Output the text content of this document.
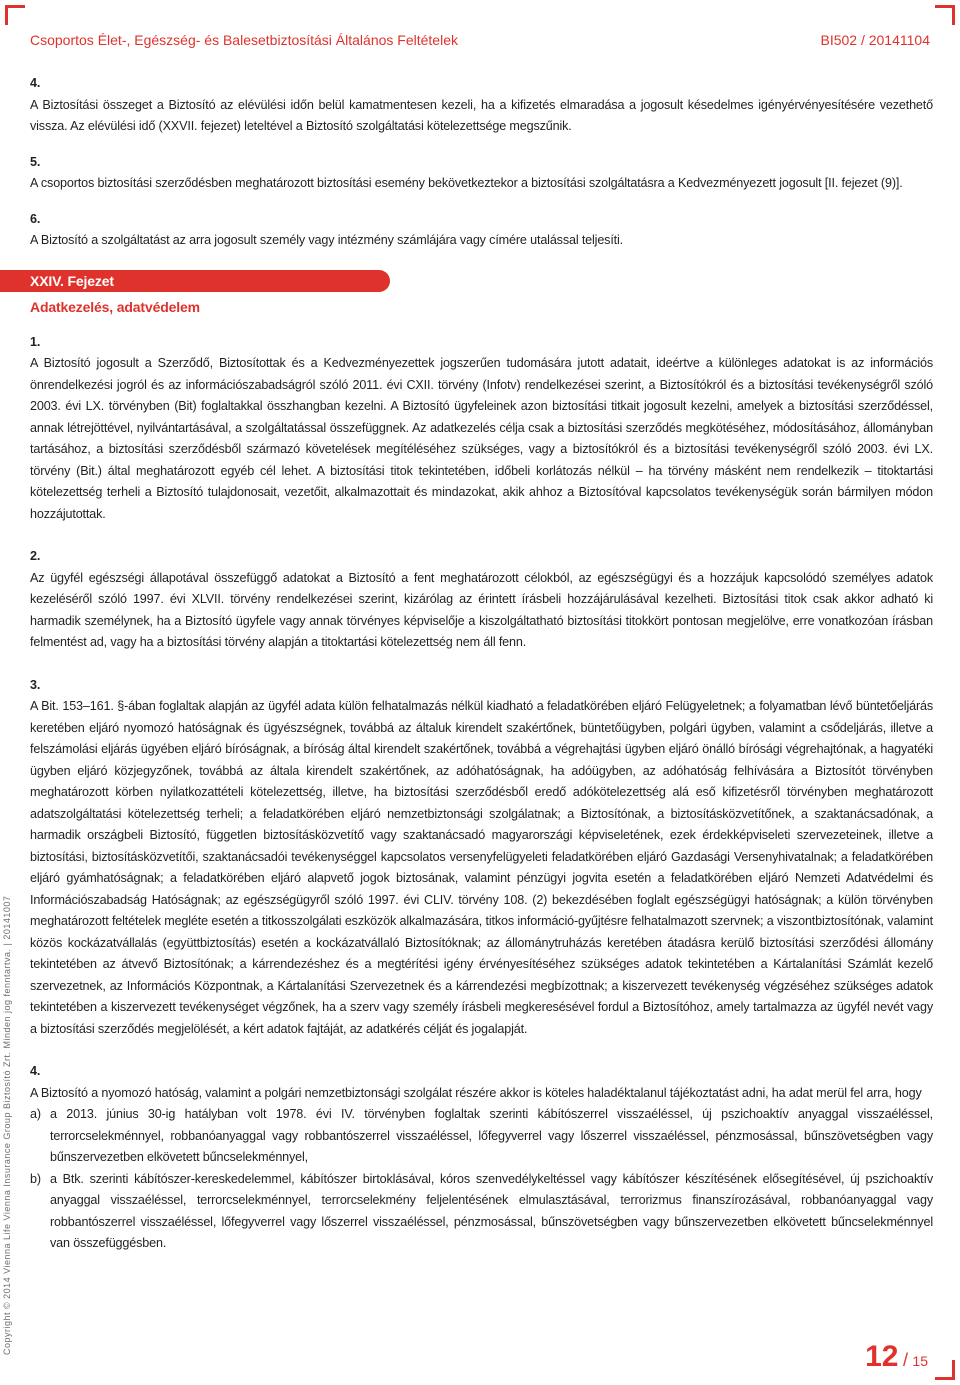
Csoportos Élet-, Egészség- és Balesetbiztosítási Általános Feltételek	BI502 / 20141104

4.

A Biztosítási összeget a Biztosító az elévülési időn belül kamatmentesen kezeli, ha a kifizetés elmaradása a jogosult késedelmes igényérvényesítésére vezethető vissza. Az elévülési idő (XXVII. fejezet) leteltével a Biztosító szolgáltatási kötelezettsége megszűnik.

5.

A csoportos biztosítási szerződésben meghatározott biztosítási esemény bekövetkeztekor a biztosítási szolgáltatásra a Kedvezményezett jogosult [II. fejezet (9)].

6.

A Biztosító a szolgáltatást az arra jogosult személy vagy intézmény számlájára vagy címére utalással teljesíti.

XXIV. Fejezet
Adatkezelés, adatvédelem

1.

A Biztosító jogosult a Szerződő, Biztosítottak és a Kedvezményezettek jogszerűen tudomására jutott adatait, ideértve a különleges adatokat is az információs önrendelkezési jogról és az információszabadságról szóló 2011. évi CXII. törvény (Infotv) rendelkezései szerint, a Biztosítókról és a biztosítási tevékenységről szóló 2003. évi LX. törvényben (Bit) foglaltakkal összhangban kezelni. A Biztosító ügyfeleinek azon biztosítási titkait jogosult kezelni, amelyek a biztosítási szerződéssel, annak létrejöttével, nyilvántartásával, a szolgáltatással összefüggnek. Az adatkezelés célja csak a biztosítási szerződés megkötéséhez, módosításához, állományban tartásához, a biztosítási szerződésből származó követelések megítéléséhez szükséges, vagy a biztosítókról és a biztosítási tevékenységről szóló 2003. évi LX. törvény (Bit.) által meghatározott egyéb cél lehet. A biztosítási titok tekintetében, időbeli korlátozás nélkül – ha törvény másként nem rendelkezik – titoktartási kötelezettség terheli a Biztosító tulajdonosait, vezetőit, alkalmazottait és mindazokat, akik ahhoz a Biztosítóval kapcsolatos tevékenységük során bármilyen módon hozzájutottak.

2.

Az ügyfél egészségi állapotával összefüggő adatokat a Biztosító a fent meghatározott célokból, az egészségügyi és a hozzájuk kapcsolódó személyes adatok kezeléséről szóló 1997. évi XLVII. törvény rendelkezései szerint, kizárólag az érintett írásbeli hozzájárulásával kezelheti. Biztosítási titok csak akkor adható ki harmadik személynek, ha a Biztosító ügyfele vagy annak törvényes képviselője a kiszolgáltatható biztosítási titokkört pontosan megjelölve, erre vonatkozóan írásban felmentést ad, vagy ha a biztosítási törvény alapján a titoktartási kötelezettség nem áll fenn.

3.

A Bit. 153–161. §-ában foglaltak alapján az ügyfél adata külön felhatalmazás nélkül kiadható a feladatkörében eljáró Felügyeletnek; a folyamatban lévő büntetőeljárás keretében eljáró nyomozó hatóságnak és ügyészségnek, továbbá az általuk kirendelt szakértőnek, büntetőügyben, polgári ügyben, valamint a csődeljárás, illetve a felszámolási eljárás ügyében eljáró bíróságnak, a bíróság által kirendelt szakértőnek, továbbá a végrehajtási ügyben eljáró önálló bírósági végrehajtónak, a hagyatéki ügyben eljáró közjegyzőnek, továbbá az általa kirendelt szakértőnek, az adóhatóságnak, ha adóügyben, az adóhatóság felhívására a Biztosítót törvényben meghatározott körben nyilatkozattételi kötelezettség, illetve, ha biztosítási szerződésből eredő adókötelezettség alá eső kifizetésről törvényben meghatározott adatszolgáltatási kötelezettség terheli; a feladatkörében eljáró nemzetbiztonsági szolgálatnak; a Biztosítónak, a biztosításközvetítőnek, a szaktanácsadónak, a harmadik országbeli Biztosító, független biztosításközvetítő vagy szaktanácsadó magyarországi képviseletének, ezek érdekképviseleti szervezeteinek, illetve a biztosítási, biztosításközvetítői, szaktanácsadói tevékenységgel kapcsolatos versenyfelügyeleti feladatkörében eljáró Gazdasági Versenyhivatalnak; a feladatkörében eljáró gyámhatóságnak; a feladatkörében eljáró alapvető jogok biztosának, valamint pénzügyi jogvita esetén a feladatkörében eljáró Nemzeti Adatvédelmi és Információszabadság Hatóságnak; az egészségügyről szóló 1997. évi CLIV. törvény 108. (2) bekezdésében foglalt egészségügyi hatóságnak; a külön törvényben meghatározott feltételek megléte esetén a titkosszolgálati eszközök alkalmazására, titkos információ-gyűjtésre felhatalmazott szervnek; a viszontbiztosítónak, valamint közös kockázatvállalás (együttbiztosítás) esetén a kockázatvállaló Biztosítóknak; az állománytruházás keretében átadásra kerülő biztosítási szerződési állomány tekintetében az átvevő Biztosítónak; a kárrendezéshez és a megtérítési igény érvényesítéséhez szükséges adatok tekintetében a Kártalanítási Számlát kezelő szervezetnek, az Információs Központnak, a Kártalanítási Szervezetnek és a kárrendezési megbízottnak; a kiszervezett tevékenység végzéséhez szükséges adatok tekintetében a kiszervezett tevékenységet végzőnek, ha a szerv vagy személy írásbeli megkeresésével fordul a Biztosítóhoz, amely tartalmazza az ügyfél nevét vagy a biztosítási szerződés megjelölését, a kért adatok fajtáját, az adatkérés célját és jogalapját.

4.

A Biztosító a nyomozó hatóság, valamint a polgári nemzetbiztonsági szolgálat részére akkor is köteles haladéktalanul tájékoztatást adni, ha adat merül fel arra, hogy

a) a 2013. június 30-ig hatályban volt 1978. évi IV. törvényben foglaltak szerinti kábítószerrel visszaéléssel, új pszichoaktív anyaggal visszaéléssel, terrorcselekménnyel, robbanóanyaggal vagy robbantószerrel visszaéléssel, lőfegyverrel vagy lőszerrel visszaéléssel, pénzmosással, bűnszövetségben vagy bűnszervezetben elkövetett bűncselekménnyel,

b) a Btk. szerinti kábítószer-kereskedelemmel, kábítószer birtoklásával, kóros szenvedélykeltéssel vagy kábítószer készítésének elősegítésével, új pszichoaktív anyaggal visszaéléssel, terrorcselekménnyel, terrorcselekmény feljelentésének elmulasztásával, terrorizmus finanszírozásával, robbanóanyaggal vagy robbantószerrel visszaéléssel, lőfegyverrel vagy lőszerrel visszaéléssel, pénzmosással, bűnszövetségben vagy bűnszervezetben elkövetett bűncselekménnyel van összefüggésben.

Copyright © 2014 Vienna Life Vienna Insurance Group Biztosító Zrt. Minden jog fenntartva. | 20141007
12 / 15
